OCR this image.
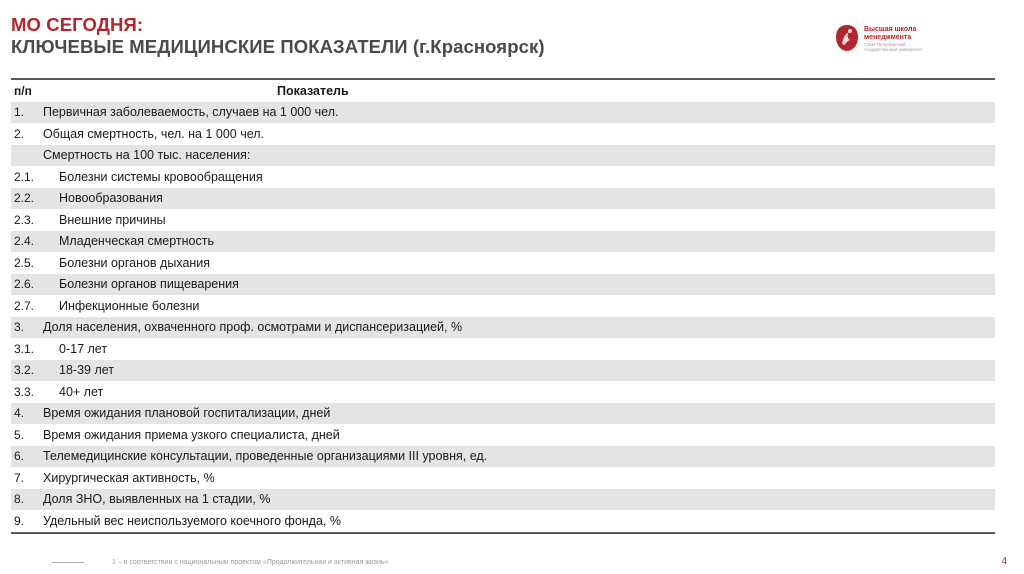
МО СЕГОДНЯ:
КЛЮЧЕВЫЕ МЕДИЦИНСКИЕ ПОКАЗАТЕЛИ (г.Красноярск)
Высшая школа менеджмента
Санкт-Петербургский государственный университет
п/п	Показатель
1.	Первичная заболеваемость, случаев на 1 000 чел.
2.	Общая смертность, чел. на 1 000 чел.
Смертность на 100 тыс. населения:
2.1.	Болезни системы кровообращения
2.2.	Новообразования
2.3.	Внешние причины
2.4.	Младенческая смертность
2.5.	Болезни органов дыхания
2.6.	Болезни органов пищеварения
2.7.	Инфекционные болезни
3.	Доля населения, охваченного проф. осмотрами и диспансеризацией, %
3.1.	0-17 лет
3.2.	18-39 лет
3.3.	40+ лет
4.	Время ожидания плановой госпитализации, дней
5.	Время ожидания приема узкого специалиста, дней
6.	Телемедицинские консультации, проведенные организациями III уровня, ед.
7.	Хирургическая активность, %
8.	Доля ЗНО, выявленных на 1 стадии, %
9.	Удельный вес неиспользуемого коечного фонда, %
1 – в соответствии с национальным проектом «Продолжительная и активная жизнь»	4
